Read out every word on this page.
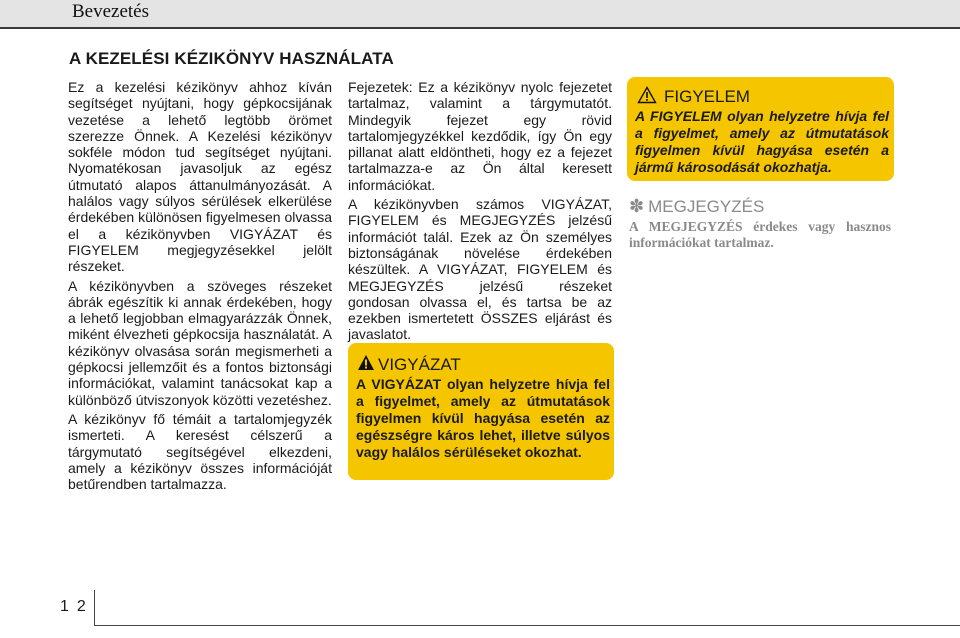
Bevezetés
A KEZELÉSI KÉZIKÖNYV HASZNÁLATA

Ez a kezelési kézikönyv ahhoz kíván segítséget nyújtani, hogy gépkocsijának vezetése a lehető legtöbb örömet szerezze Önnek. A Kezelési kézikönyv sokféle módon tud segítséget nyújtani. Nyomatékosan javasoljuk az egész útmutató alapos áttanulmányozását. A halálos vagy súlyos sérülések elkerülése érdekében különösen figyelmesen olvassa el a kézikönyvben VIGYÁZAT és FIGYELEM megjegyzésekkel jelölt részeket.

A kézikönyvben a szöveges részeket ábrák egészítik ki annak érdekében, hogy a lehető legjobban elmagyarázzák Önnek, miként élvezheti gépkocsija használatát. A kézikönyv olvasása során megismerheti a gépkocsi jellemzőit és a fontos biztonsági információkat, valamint tanácsokat kap a különböző útviszonyok közötti vezetéshez.

A kézikönyv fő témáit a tartalomjegyzék ismerteti. A keresést célszerű a tárgymutató segítségével elkezdeni, amely a kézikönyv összes információját betűrendben tartalmazza.

Fejezetek: Ez a kézikönyv nyolc fejezetet tartalmaz, valamint a tárgymutatót. Mindegyik fejezet egy rövid tartalomjegyzékkel kezdődik, így Ön egy pillanat alatt eldöntheti, hogy ez a fejezet tartalmazza-e az Ön által keresett információkat.

A kézikönyvben számos VIGYÁZAT, FIGYELEM és MEGJEGYZÉS jelzésű információt talál. Ezek az Ön személyes biztonságának növelése érdekében készültek. A VIGYÁZAT, FIGYELEM és MEGJEGYZÉS jelzésű részeket gondosan olvassa el, és tartsa be az ezekben ismertetett ÖSSZES eljárást és javaslatot.

VIGYÁZAT
A VIGYÁZAT olyan helyzetre hívja fel a figyelmet, amely az útmutatások figyelmen kívül hagyása esetén az egészségre káros lehet, illetve súlyos vagy halálos sérüléseket okozhat.
FIGYELEM
A FIGYELEM olyan helyzetre hívja fel a figyelmet, amely az útmutatások figyelmen kívül hagyása esetén a jármű károsodását okozhatja.
✽ MEGJEGYZÉS
A MEGJEGYZÉS érdekes vagy hasznos információkat tartalmaz.
1 2
